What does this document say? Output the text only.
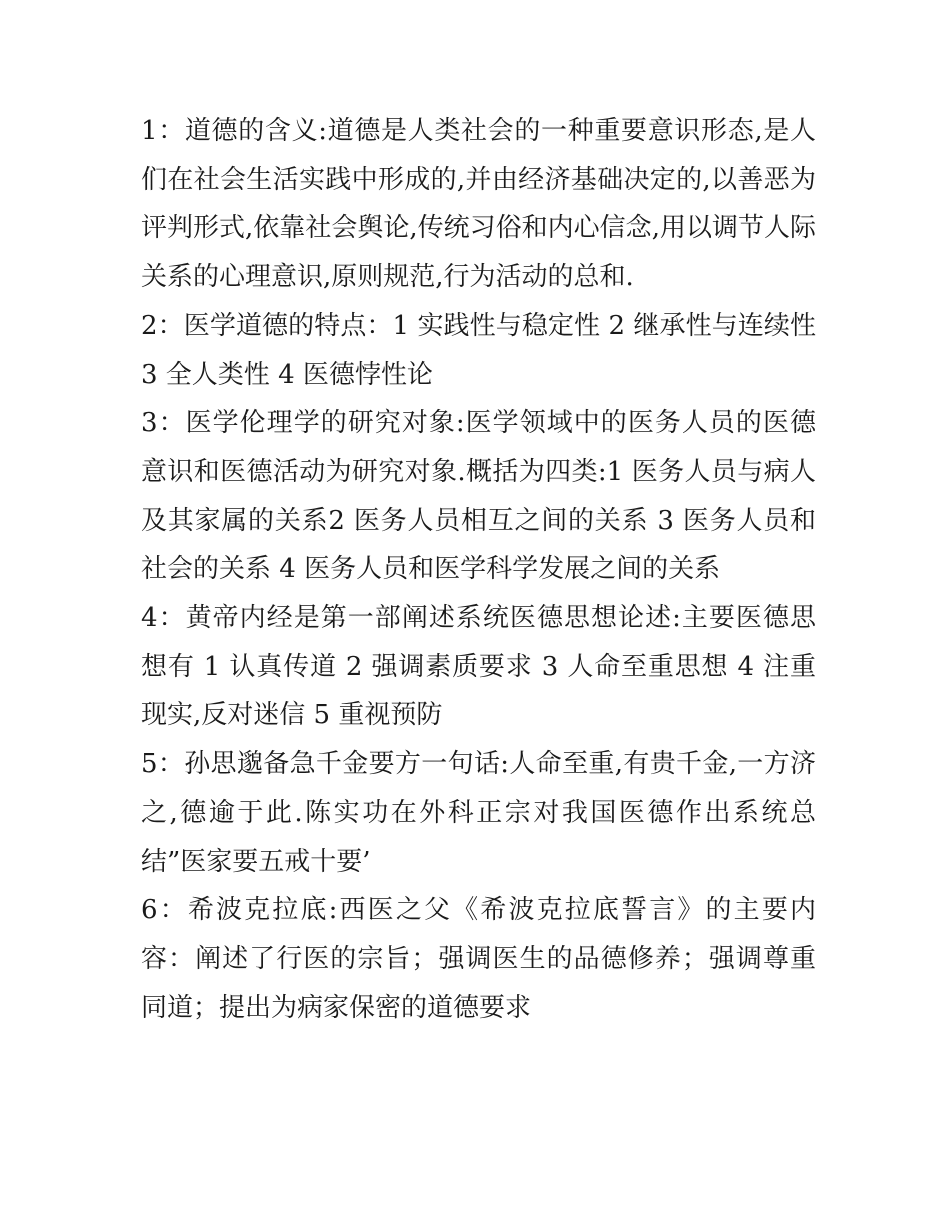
1：道德的含义:道德是人类社会的一种重要意识形态,是人们在社会生活实践中形成的,并由经济基础决定的,以善恶为评判形式,依靠社会舆论,传统习俗和内心信念,用以调节人际关系的心理意识,原则规范,行为活动的总和.

2：医学道德的特点：1 实践性与稳定性 2 继承性与连续性 3 全人类性 4 医德悖性论

3：医学伦理学的研究对象:医学领域中的医务人员的医德意识和医德活动为研究对象.概括为四类:1 医务人员与病人及其家属的关系2 医务人员相互之间的关系 3 医务人员和社会的关系 4 医务人员和医学科学发展之间的关系

4：黄帝内经是第一部阐述系统医德思想论述:主要医德思想有 1 认真传道 2 强调素质要求 3 人命至重思想 4 注重现实,反对迷信 5 重视预防

5：孙思邈备急千金要方一句话:人命至重,有贵千金,一方济之,德逾于此.陈实功在外科正宗对我国医德作出系统总结”医家要五戒十要’

6：希波克拉底:西医之父《希波克拉底誓言》的主要内容：阐述了行医的宗旨；强调医生的品德修养；强调尊重同道；提出为病家保密的道德要求
